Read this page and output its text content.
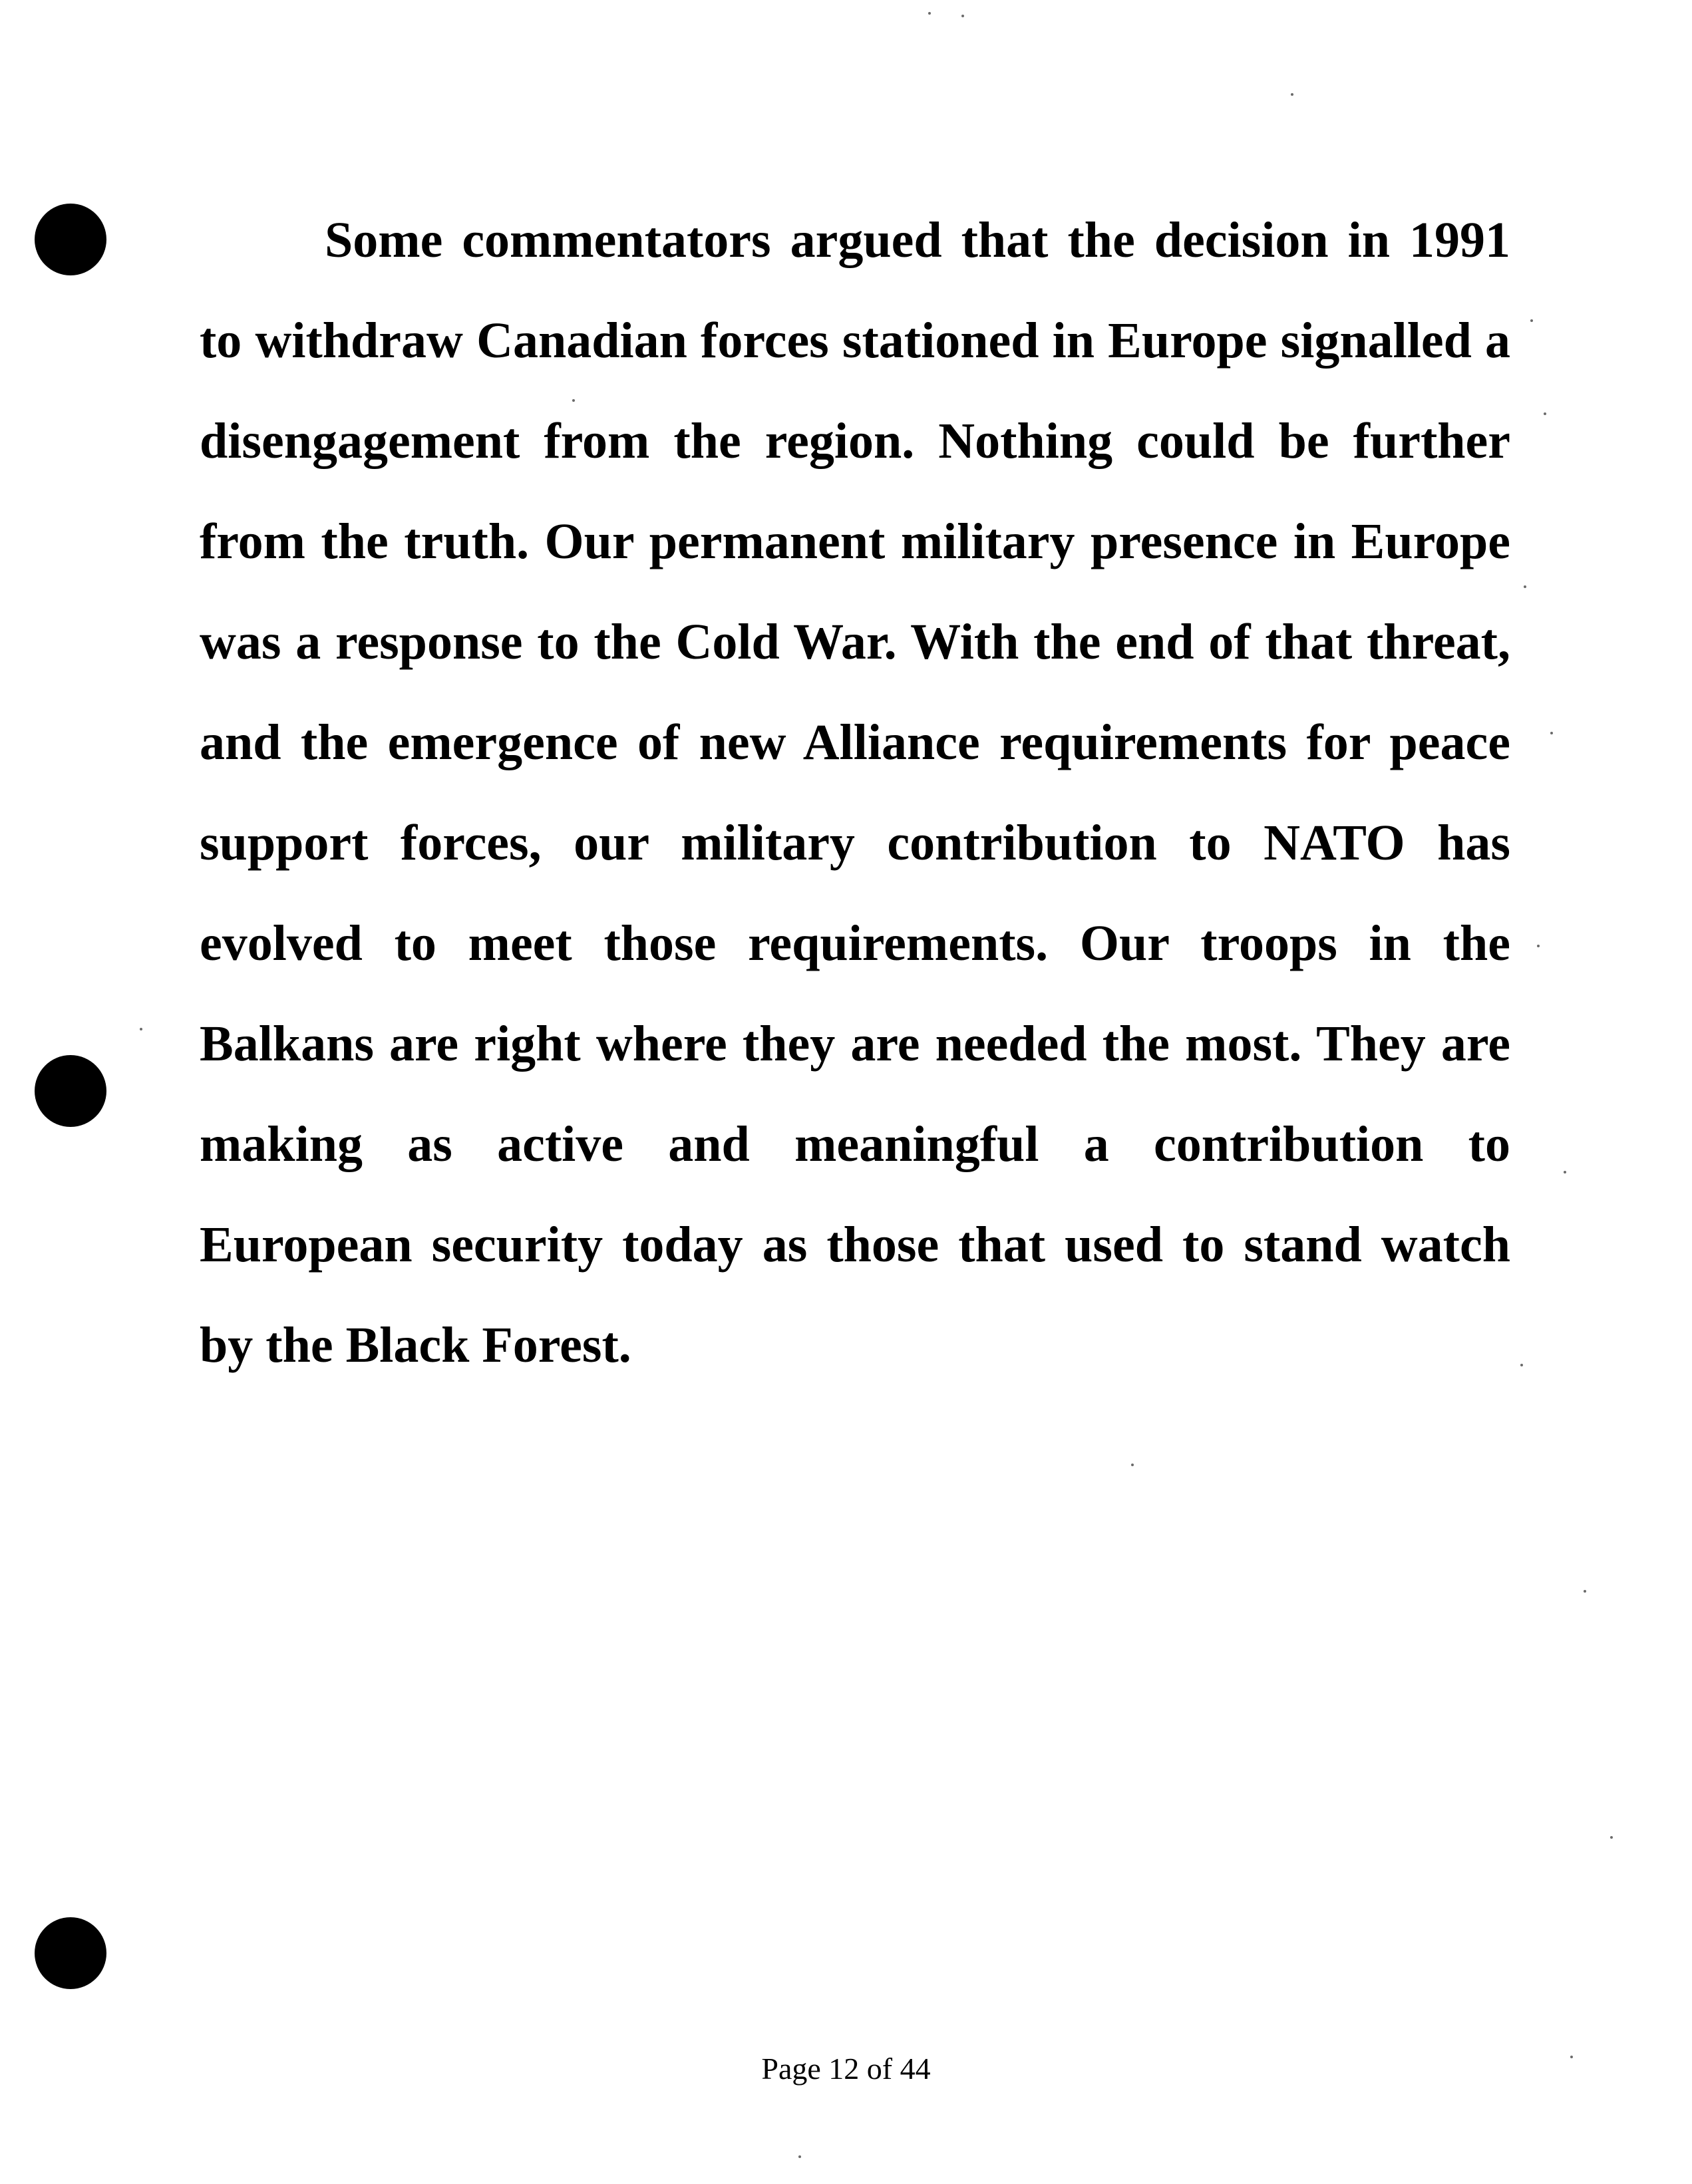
Some commentators argued that the decision in 1991 to withdraw Canadian forces stationed in Europe signalled a disengagement from the region. Nothing could be further from the truth. Our permanent military presence in Europe was a response to the Cold War. With the end of that threat, and the emergence of new Alliance requirements for peace support forces, our military contribution to NATO has evolved to meet those requirements. Our troops in the Balkans are right where they are needed the most. They are making as active and meaningful a contribution to European security today as those that used to stand watch by the Black Forest.

Page 12 of 44
